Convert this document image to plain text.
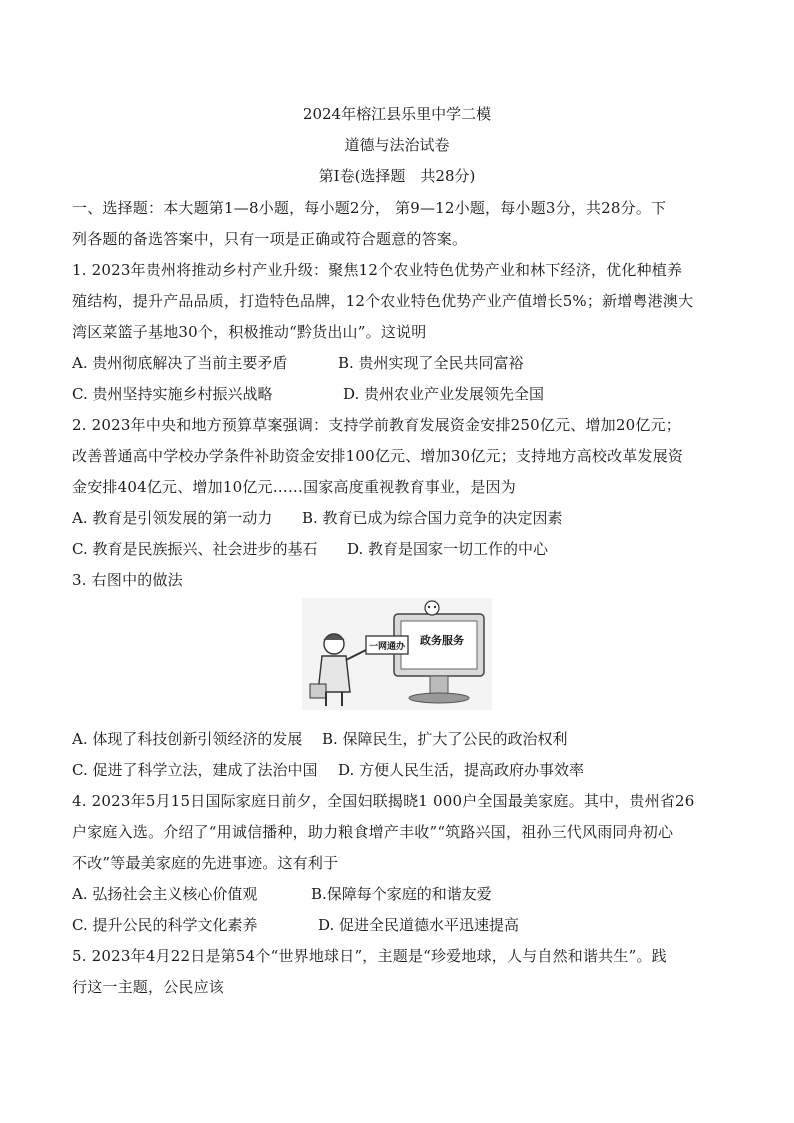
2024年榕江县乐里中学二模
道德与法治试卷
第Ⅰ卷(选择题　共28分)
一、选择题：本大题第1—8小题，每小题2分， 第9—12小题，每小题3分，共28分。下
列各题的备选答案中，只有一项是正确或符合题意的答案。
1. 2023年贵州将推动乡村产业升级：聚焦12个农业特色优势产业和林下经济，优化种植养
殖结构，提升产品品质，打造特色品牌，12个农业特色优势产业产值增长5%；新增粤港澳大
湾区菜篮子基地30个，积极推动“黔货出山”。这说明
A. 贵州彻底解决了当前主要矛盾	B. 贵州实现了全民共同富裕
C. 贵州坚持实施乡村振兴战略	D. 贵州农业产业发展领先全国
2. 2023年中央和地方预算草案强调：支持学前教育发展资金安排250亿元、增加20亿元；
改善普通高中学校办学条件补助资金安排100亿元、增加30亿元；支持地方高校改革发展资
金安排404亿元、增加10亿元……国家高度重视教育事业，是因为
A. 教育是引领发展的第一动力 B. 教育已成为综合国力竞争的决定因素
C. 教育是民族振兴、社会进步的基石 D. 教育是国家一切工作的中心
3. 右图中的做法
一网通办 政务服务
A. 体现了科技创新引领经济的发展 B. 保障民生，扩大了公民的政治权利
C. 促进了科学立法，建成了法治中国 D. 方便人民生活，提高政府办事效率
4. 2023年5月15日国际家庭日前夕，全国妇联揭晓1 000户全国最美家庭。其中，贵州省26
户家庭入选。介绍了“用诚信播种，助力粮食增产丰收”“筑路兴国，祖孙三代风雨同舟初心
不改”等最美家庭的先进事迹。这有利于
A. 弘扬社会主义核心价值观	B.保障每个家庭的和谐友爱
C. 提升公民的科学文化素养	D. 促进全民道德水平迅速提高
5. 2023年4月22日是第54个“世界地球日”，主题是“珍爱地球，人与自然和谐共生”。践
行这一主题，公民应该
